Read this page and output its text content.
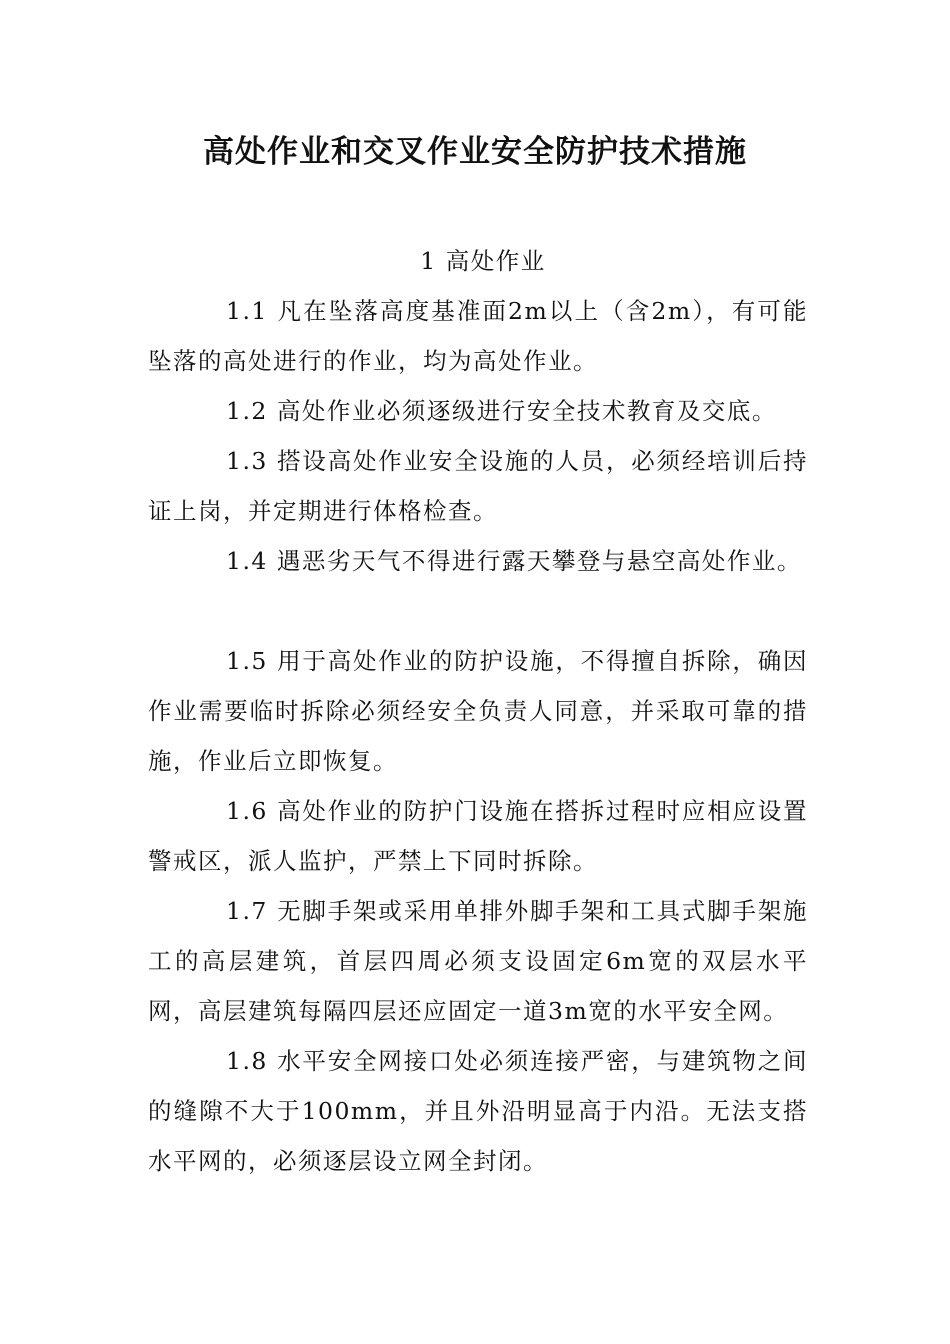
高处作业和交叉作业安全防护技术措施

1 高处作业

1.1 凡在坠落高度基准面2m以上（含2m），有可能坠落的高处进行的作业，均为高处作业。

1.2 高处作业必须逐级进行安全技术教育及交底。

1.3 搭设高处作业安全设施的人员，必须经培训后持证上岗，并定期进行体格检查。

1.4 遇恶劣天气不得进行露天攀登与悬空高处作业。

1.5 用于高处作业的防护设施，不得擅自拆除，确因作业需要临时拆除必须经安全负责人同意，并采取可靠的措施，作业后立即恢复。

1.6 高处作业的防护门设施在搭拆过程时应相应设置警戒区，派人监护，严禁上下同时拆除。

1.7 无脚手架或采用单排外脚手架和工具式脚手架施工的高层建筑，首层四周必须支设固定6m宽的双层水平网，高层建筑每隔四层还应固定一道3m宽的水平安全网。

1.8 水平安全网接口处必须连接严密，与建筑物之间的缝隙不大于100mm，并且外沿明显高于内沿。无法支搭水平网的，必须逐层设立网全封闭。
